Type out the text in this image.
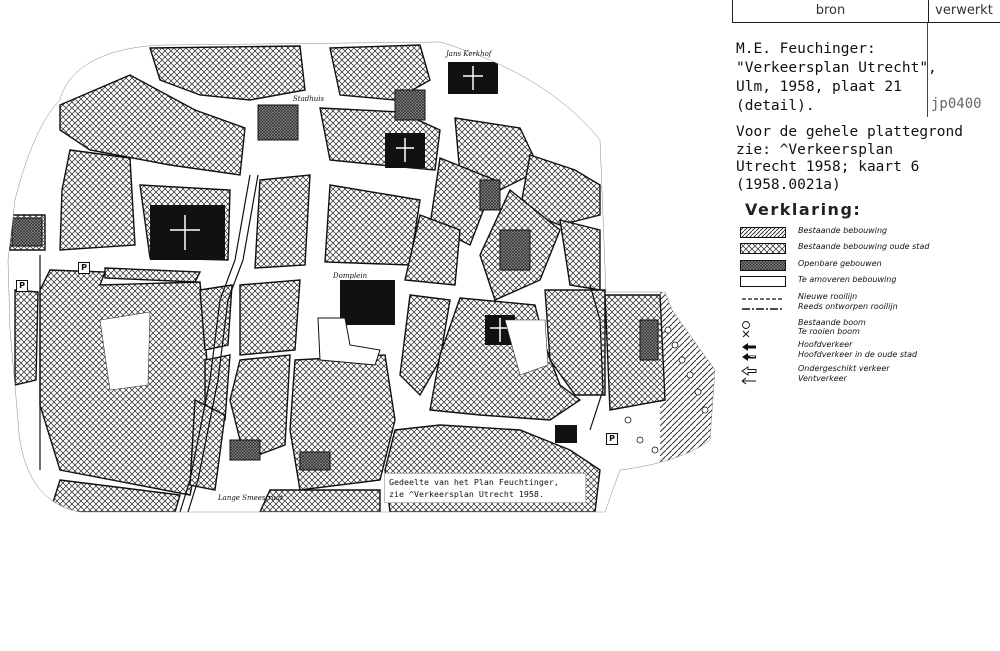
bron	verwerkt
M.E. Feuchinger:
"Verkeersplan Utrecht",
Ulm, 1958, plaat 21
(detail).	jp0400
Voor de gehele plattegrond
zie: ^Verkeersplan
Utrecht 1958; kaart 6
(1958.0021a)
Jans Kerkhof
Stadhuis
Domplein
Lange Smeestraat
P
P
P
Gedeelte van het Plan Feuchtinger,
zie ^Verkeersplan Utrecht 1958.
Verklaring:
Bestaande bebouwing
Bestaande bebouwing oude stad
Openbare gebouwen
Te amoveren bebouwing
Nieuwe rooilijn
Reeds ontworpen rooilijn
Bestaande boom
Te rooien boom
Hoofdverkeer
Hoofdverkeer in de oude stad
Ondergeschikt verkeer
Ventverkeer
